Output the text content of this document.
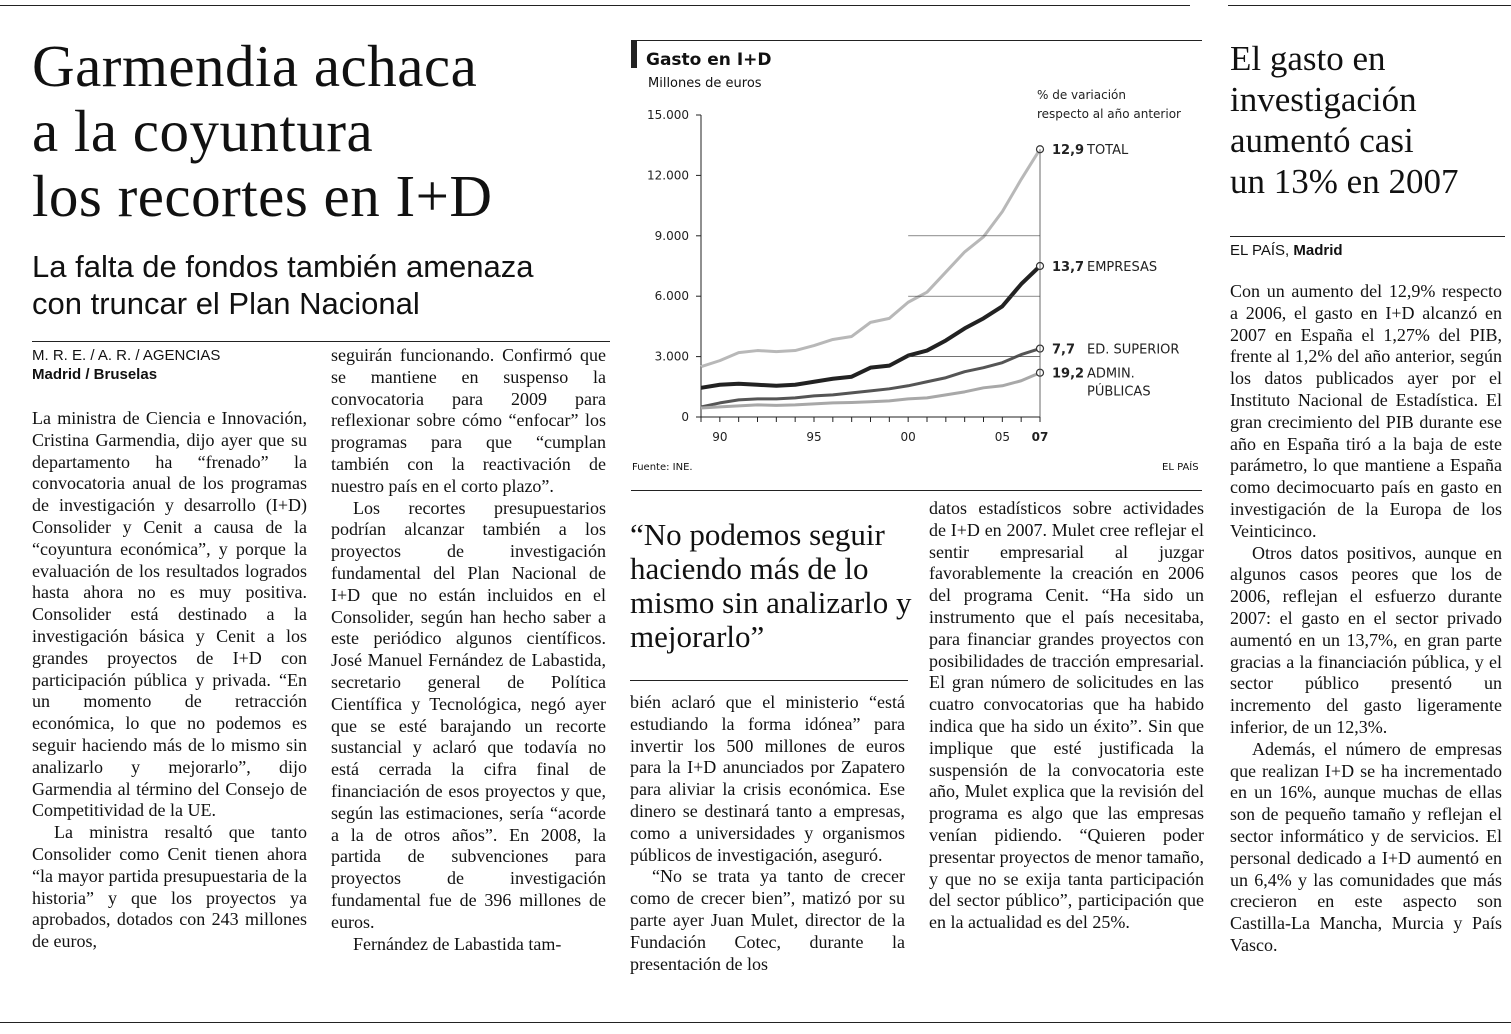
Garmendia achaca
a la coyuntura
los recortes en I+D
La falta de fondos también amenaza
con truncar el Plan Nacional
M. R. E. / A. R. / AGENCIAS
Madrid / Bruselas

La ministra de Ciencia e Innovación, Cristina Garmendia, dijo ayer que su departamento ha “frenado” la convocatoria anual de los programas de investigación y desarrollo (I+D) Consolider y Cenit a causa de la “coyuntura económica”, y porque la evaluación de los resultados logrados hasta ahora no es muy positiva. Consolider está destinado a la investigación básica y Cenit a los grandes proyectos de I+D con participación pública y privada. “En un momento de retracción económica, lo que no podemos es seguir haciendo más de lo mismo sin analizarlo y mejorarlo”, dijo Garmendia al término del Consejo de Competitividad de la UE.

La ministra resaltó que tanto Consolider como Cenit tienen ahora “la mayor partida presupuestaria de la historia” y que los proyectos ya aprobados, dotados con 243 millones de euros,

seguirán funcionando. Confirmó que se mantiene en suspenso la convocatoria para 2009 para reflexionar sobre cómo “enfocar” los programas para que “cumplan también con la reactivación de nuestro país en el corto plazo”.

Los recortes presupuestarios podrían alcanzar también a los proyectos de investigación fundamental del Plan Nacional de I+D que no están incluidos en el Consolider, según han hecho saber a este periódico algunos científicos. José Manuel Fernández de Labastida, secretario general de Política Científica y Tecnológica, negó ayer que se esté barajando un recorte sustancial y aclaró que todavía no está cerrada la cifra final de financiación de esos proyectos y que, según las estimaciones, sería “acorde a la de otros años”. En 2008, la partida de subvenciones para proyectos de investigación fundamental fue de 396 millones de euros.

Fernández de Labastida tam-

Gasto en I+D
Millones de euros
0
3.000
6.000
9.000
12.000
15.000
90	95	00	05 07
% de variación
respecto al año anterior
12,9 TOTAL
13,7 EMPRESAS
7,7 ED. SUPERIOR
19,2 ADMIN.
PÚBLICAS
Fuente: INE.	EL PAÍS
“No podemos seguir haciendo más de lo mismo sin analizarlo y mejorarlo”

bién aclaró que el ministerio “está estudiando la forma idónea” para invertir los 500 millones de euros para la I+D anunciados por Zapatero para aliviar la crisis económica. Ese dinero se destinará tanto a empresas, como a universidades y organismos públicos de investigación, aseguró.

“No se trata ya tanto de crecer como de crecer bien”, matizó por su parte ayer Juan Mulet, director de la Fundación Cotec, durante la presentación de los

datos estadísticos sobre actividades de I+D en 2007. Mulet cree reflejar el sentir empresarial al juzgar favorablemente la creación en 2006 del programa Cenit. “Ha sido un instrumento que el país necesitaba, para financiar grandes proyectos con posibilidades de tracción empresarial. El gran número de solicitudes en las cuatro convocatorias que ha habido indica que ha sido un éxito”. Sin que implique que esté justificada la suspensión de la convocatoria este año, Mulet explica que la revisión del programa es algo que las empresas venían pidiendo. “Quieren poder presentar proyectos de menor tamaño, y que no se exija tanta participación del sector público”, participación que en la actualidad es del 25%.

El gasto en
investigación
aumentó casi
un 13% en 2007
EL PAÍS, Madrid

Con un aumento del 12,9% respecto a 2006, el gasto en I+D alcanzó en 2007 en España el 1,27% del PIB, frente al 1,2% del año anterior, según los datos publicados ayer por el Instituto Nacional de Estadística. El gran crecimiento del PIB durante ese año en España tiró a la baja de este parámetro, lo que mantiene a España como decimocuarto país en gasto en investigación de la Europa de los Veinticinco.

Otros datos positivos, aunque en algunos casos peores que los de 2006, reflejan el esfuerzo durante 2007: el gasto en el sector privado aumentó en un 13,7%, en gran parte gracias a la financiación pública, y el sector público presentó un incremento del gasto ligeramente inferior, de un 12,3%.

Además, el número de empresas que realizan I+D se ha incrementado en un 16%, aunque muchas de ellas son de pequeño tamaño y reflejan el sector informático y de servicios. El personal dedicado a I+D aumentó en un 6,4% y las comunidades que más crecieron en este aspecto son Castilla-La Mancha, Murcia y País Vasco.
